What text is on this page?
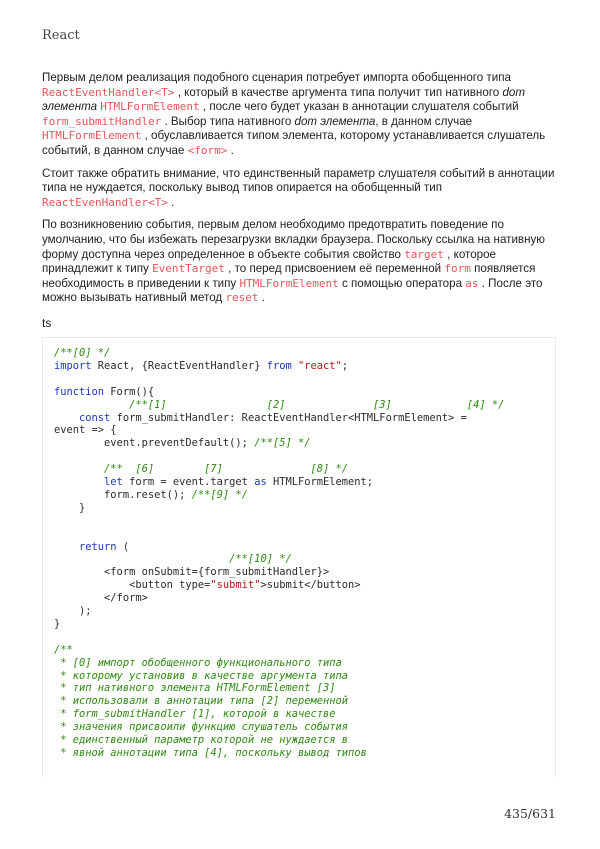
React

Первым делом реализация подобного сценария потребует импорта обобщенного типа ReactEventHandler<T> , который в качестве аргумента типа получит тип нативного dom элемента HTMLFormElement , после чего будет указан в аннотации слушателя событий form_submitHandler . Выбор типа нативного dom элемента, в данном случае HTMLFormElement , обуславливается типом элемента, которому устанавливается слушатель событий, в данном случае <form> .

Стоит также обратить внимание, что единственный параметр слушателя событий в аннотации типа не нуждается, поскольку вывод типов опирается на обобщенный тип ReactEvenHandler<T> .

По возникновению события, первым делом необходимо предотвратить поведение по умолчанию, что бы избежать перезагрузки вкладки браузера. Поскольку ссылка на нативную форму доступна через определенное в объекте события свойство target , которое принадлежит к типу EventTarget , то перед присвоением её переменной form появляется необходимость в приведении к типу HTMLFormElement с помощью оператора as . После это можно вызывать нативный метод reset .

ts
/**[0] */
import React, {ReactEventHandler} from "react";
function Form(){
/**[1]                [2]              [3]            [4] */
const form_submitHandler: ReactEventHandler<HTMLFormElement> =
event => {
event.preventDefault(); /**[5] */
/**  [6]        [7]              [8] */
let form = event.target as HTMLFormElement;
form.reset(); /**[9] */
}
return (
/**[10] */
<form onSubmit={form_submitHandler}>
<button type="submit">submit</button>
</form>
);
}
/**
* [0] импорт обобщенного функционального типа
* которому установив в качестве аргумента типа
* тип нативного элемента HTMLFormElement [3]
* использовали в аннотации типа [2] переменной
* form_submitHandler [1], которой в качестве
* значения присвоили функцию слушатель события
* единственный параметр которой не нуждается в
* явной аннотации типа [4], поскольку вывод типов
435/631
